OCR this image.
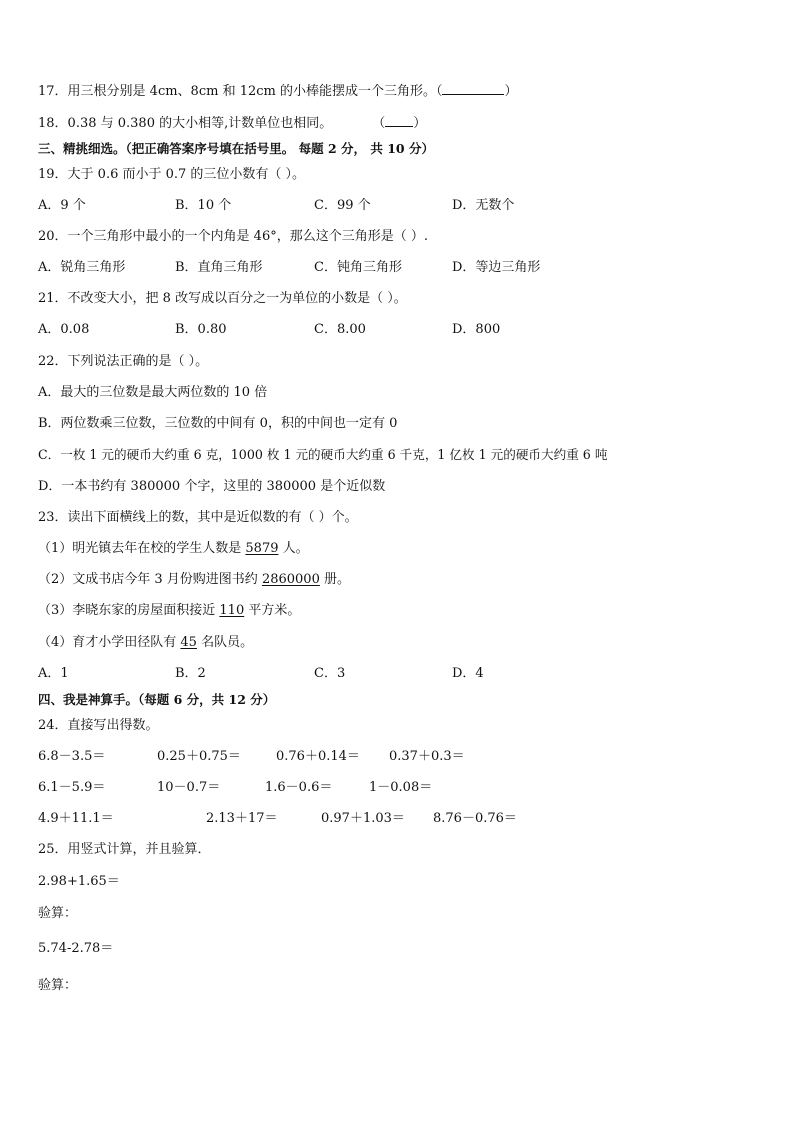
17．用三根分别是 4cm、8cm 和 12cm 的小棒能摆成一个三角形。（	）
18．0.38 与 0.380 的大小相等,计数单位也相同。	（ ）
三、精挑细选。（把正确答案序号填在括号里。 每题 2 分， 共 10 分）
19．大于 0.6 而小于 0.7 的三位小数有（ ）。
A．9 个	B．10 个	C．99 个	D．无数个
20．一个三角形中最小的一个内角是 46°，那么这个三角形是（ ）.
A．锐角三角形	B．直角三角形	C．钝角三角形	D．等边三角形
21．不改变大小，把 8 改写成以百分之一为单位的小数是（ ）。
A．0.08	B．0.80	C．8.00	D．800
22．下列说法正确的是（ ）。
A．最大的三位数是最大两位数的 10 倍
B．两位数乘三位数，三位数的中间有 0，积的中间也一定有 0
C．一枚 1 元的硬币大约重 6 克，1000 枚 1 元的硬币大约重 6 千克，1 亿枚 1 元的硬币大约重 6 吨
D．一本书约有 380000 个字，这里的 380000 是个近似数
23．读出下面横线上的数，其中是近似数的有（ ）个。
（1）明光镇去年在校的学生人数是 5879 人。
（2）文成书店今年 3 月份购进图书约 2860000 册。
（3）李晓东家的房屋面积接近 110 平方米。
（4）育才小学田径队有 45 名队员。
A．1	B．2	C．3	D．4
四、我是神算手。（每题 6 分，共 12 分）
24．直接写出得数。
6.8－3.5＝	0.25＋0.75＝	0.76＋0.14＝ 0.37＋0.3＝
6.1－5.9＝	10－0.7＝	1.6－0.6＝	1－0.08＝
4.9＋11.1＝	2.13＋17＝	0.97＋1.03＝ 8.76－0.76＝
25．用竖式计算，并且验算．
2.98+1.65＝
验算：
5.74-2.78＝
验算：
